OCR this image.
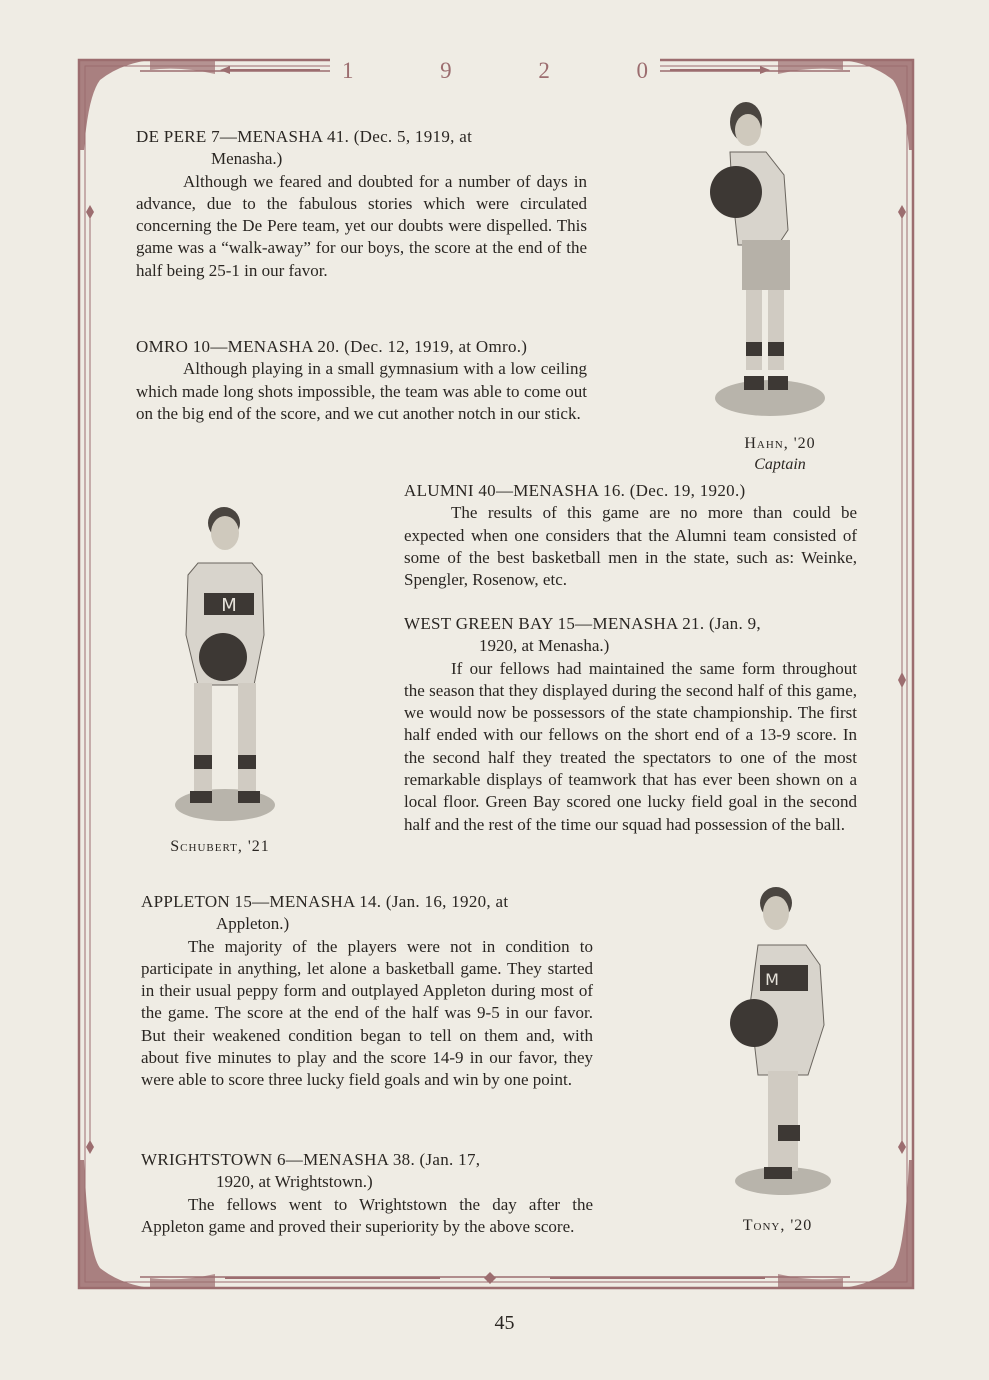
1	9	2	0

DE PERE 7—MENASHA 41. (Dec. 5, 1919, at

Menasha.)

Although we feared and doubted for a number of days in advance, due to the fabulous stories which were circulated concerning the De Pere team, yet our doubts were dispelled. This game was a “walk-away” for our boys, the score at the end of the half being 25-1 in our favor.

OMRO 10—MENASHA 20. (Dec. 12, 1919, at Omro.)

Although playing in a small gymnasium with a low ceiling which made long shots impossible, the team was able to come out on the big end of the score, and we cut another notch in our stick.

Hahn, '20
Captain

ALUMNI 40—MENASHA 16. (Dec. 19, 1920.)

The results of this game are no more than could be expected when one considers that the Alumni team consisted of some of the best basketball men in the state, such as: Weinke, Spengler, Rosenow, etc.

WEST GREEN BAY 15—MENASHA 21. (Jan. 9,

1920, at Menasha.)

If our fellows had maintained the same form throughout the season that they displayed during the second half of this game, we would now be possessors of the state championship. The first half ended with our fellows on the short end of a 13-9 score. In the second half they treated the spectators to one of the most remarkable displays of teamwork that has ever been shown on a local floor. Green Bay scored one lucky field goal in the second half and the rest of the time our squad had possession of the ball.

M
Schubert, '21

APPLETON 15—MENASHA 14. (Jan. 16, 1920, at

Appleton.)

The majority of the players were not in condition to participate in anything, let alone a basketball game. They started in their usual peppy form and outplayed Appleton during most of the game. The score at the end of the half was 9-5 in our favor. But their weakened condition began to tell on them and, with about five minutes to play and the score 14-9 in our favor, they were able to score three lucky field goals and win by one point.

WRIGHTSTOWN 6—MENASHA 38. (Jan. 17,

1920, at Wrightstown.)

The fellows went to Wrightstown the day after the Appleton game and proved their superiority by the above score.

M
Tony, '20
45
